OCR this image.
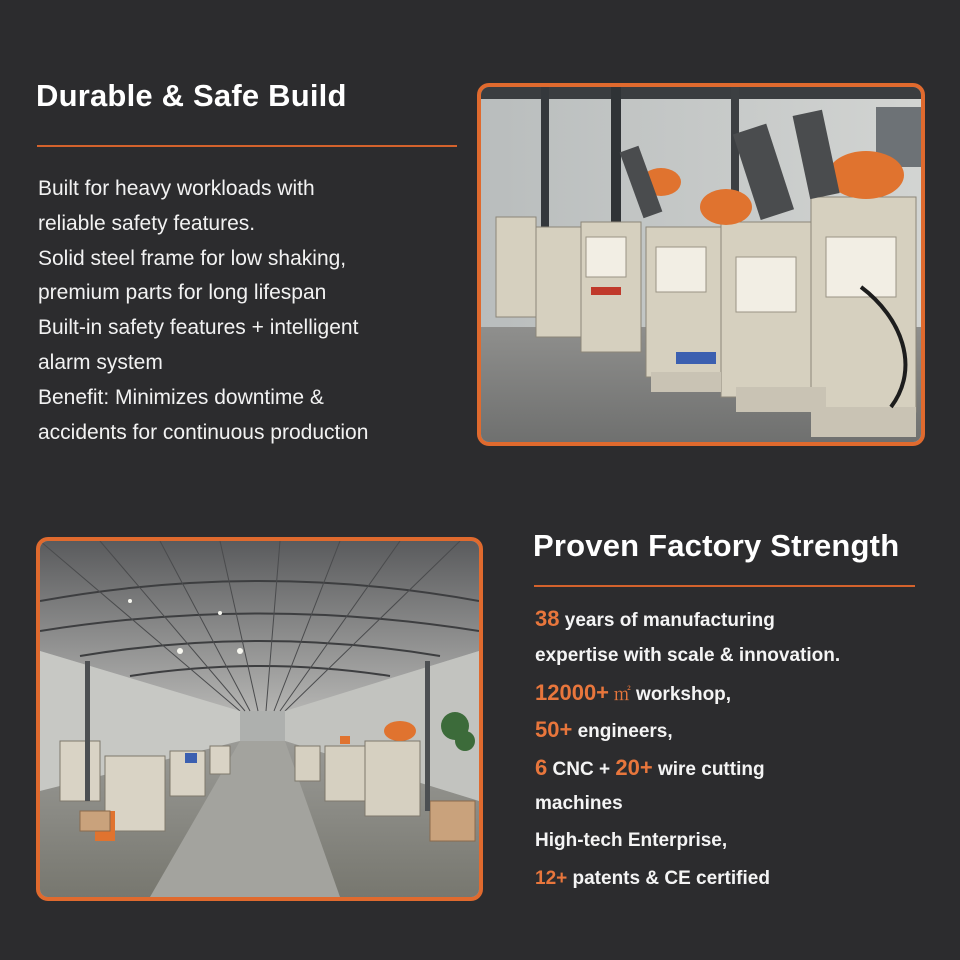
Durable & Safe Build
Built for heavy workloads with
reliable safety features.
Solid steel frame for low shaking,
premium parts for long lifespan
Built-in safety features + intelligent
alarm system
Benefit: Minimizes downtime &
accidents for continuous production
Proven Factory Strength
38 years of manufacturing
expertise with scale & innovation.
12000+ ㎡ workshop,
50+ engineers,
6 CNC + 20+ wire cutting
machines
High-tech Enterprise,
12+ patents & CE certified
